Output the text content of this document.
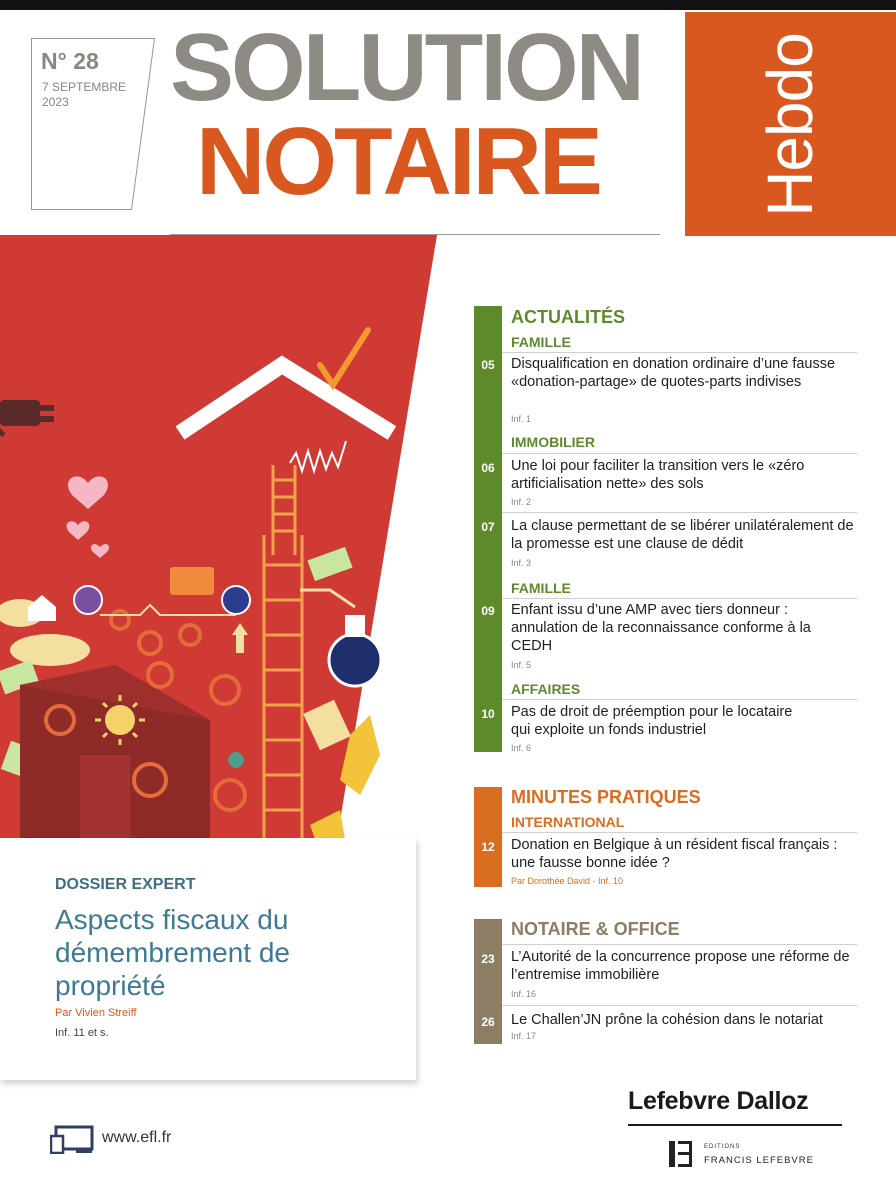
N° 28
7 SEPTEMBRE 2023	SOLUTION
NOTAIRE Hebdo
DOSSIER EXPERT
Aspects fiscaux du démembrement de propriété
Par Vivien Streiff
Inf. 11 et s.
www.efl.fr
ACTUALITÉS
FAMILLE
05	Disqualification en donation ordinaire d’une fausse «donation-partage» de quotes-parts indivises
Inf. 1
IMMOBILIER
06	Une loi pour faciliter la transition vers le «zéro artificialisation nette» des sols
Inf. 2
07	La clause permettant de se libérer unilatéralement de la promesse est une clause de dédit
Inf. 3
FAMILLE
09	Enfant issu d’une AMP avec tiers donneur : annulation de la reconnaissance conforme à la CEDH
Inf. 5
AFFAIRES
10	Pas de droit de préemption pour le locataire qui exploite un fonds industriel
Inf. 6
MINUTES PRATIQUES
INTERNATIONAL
12	Donation en Belgique à un résident fiscal français : une fausse bonne idée ?
Par Dorothée David - Inf. 10
NOTAIRE & OFFICE
23	L’Autorité de la concurrence propose une réforme de l’entremise immobilière
Inf. 16
26	Le Challen’JN prône la cohésion dans le notariat
Inf. 17
Lefebvre Dalloz
EDITIONS
FRANCIS LEFEBVRE
